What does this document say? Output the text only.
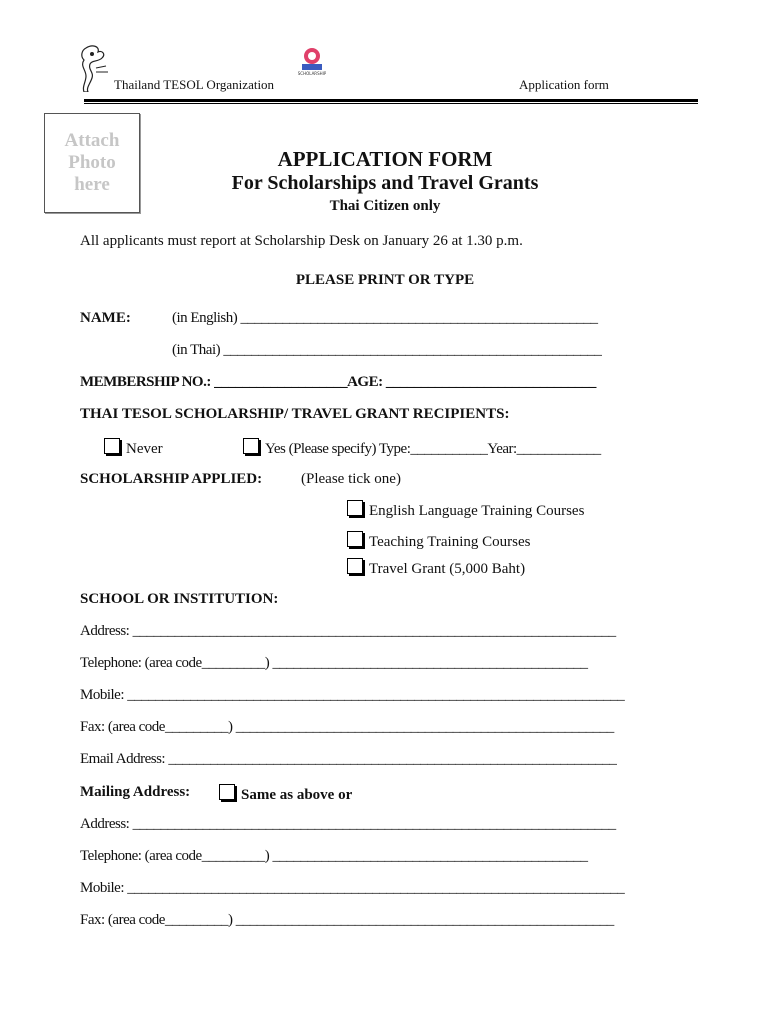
SCHOLARSHIP
Thailand TESOL Organization	Application form
Attach
Photo
here
APPLICATION FORM
For Scholarships and Travel Grants
Thai Citizen only
All applicants must report at Scholarship Desk on January 26 at 1.30 p.m.
PLEASE PRINT OR TYPE
NAME:	(in English) ___________________________________________________
(in Thai) ______________________________________________________
MEMBERSHIP NO.: ___________________AGE: ______________________________
THAI TESOL SCHOLARSHIP/ TRAVEL GRANT RECIPIENTS:
Never	Yes (Please specify) Type:___________Year:____________
SCHOLARSHIP APPLIED:	(Please tick one)
English Language Training Courses
Teaching Training Courses
Travel Grant (5,000 Baht)
SCHOOL OR INSTITUTION:
Address: _____________________________________________________________________
Telephone: (area code_________) _____________________________________________
Mobile: _______________________________________________________________________
Fax: (area code_________) ______________________________________________________
Email Address: ________________________________________________________________
Mailing Address:	Same as above or
Address: _____________________________________________________________________
Telephone: (area code_________) _____________________________________________
Mobile: _______________________________________________________________________
Fax: (area code_________) ______________________________________________________
